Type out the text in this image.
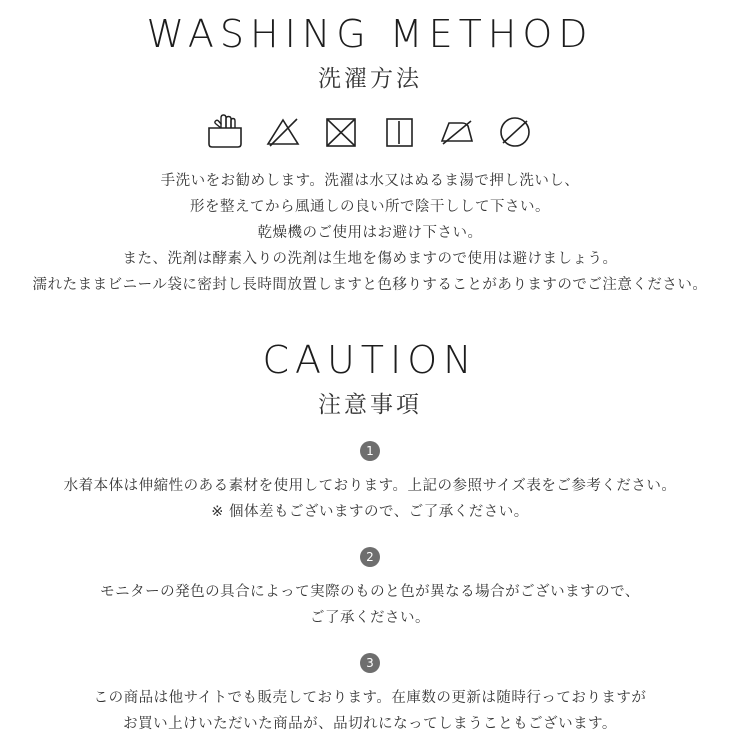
WASHING METHOD
洗濯方法

手洗いをお勧めします。洗濯は水又はぬるま湯で押し洗いし、

形を整えてから風通しの良い所で陰干しして下さい。

乾燥機のご使用はお避け下さい。

また、洗剤は酵素入りの洗剤は生地を傷めますので使用は避けましょう。

濡れたままビニール袋に密封し長時間放置しますと色移りすることがありますのでご注意ください。

CAUTION
注意事項
1

水着本体は伸縮性のある素材を使用しております。上記の参照サイズ表をご参考ください。

※ 個体差もございますので、ご了承ください。

2

モニターの発色の具合によって実際のものと色が異なる場合がございますので、

ご了承ください。

3

この商品は他サイトでも販売しております。在庫数の更新は随時行っておりますが

お買い上けいただいた商品が、品切れになってしまうこともございます。
